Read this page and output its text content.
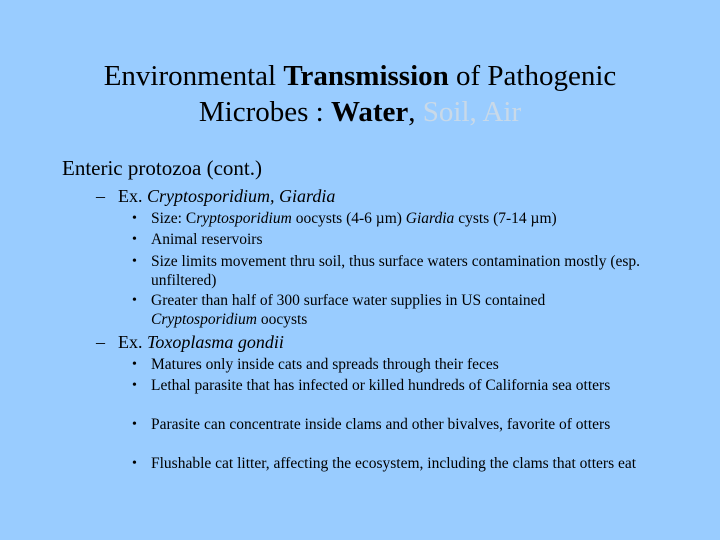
Environmental Transmission of Pathogenic
Microbes : Water, Soil, Air
Enteric protozoa (cont.)
– Ex. Cryptosporidium, Giardia
• Size: Cryptosporidium oocysts (4-6 µm) Giardia cysts (7-14 µm)
• Animal reservoirs
• Size limits movement thru soil, thus surface waters contamination mostly (esp. unfiltered)
• Greater than half of 300 surface water supplies in US contained Cryptosporidium oocysts
– Ex. Toxoplasma gondii
• Matures only inside cats and spreads through their feces
• Lethal parasite that has infected or killed hundreds of California sea otters
• Parasite can concentrate inside clams and other bivalves, favorite of otters
• Flushable cat litter, affecting the ecosystem, including the clams that otters eat
